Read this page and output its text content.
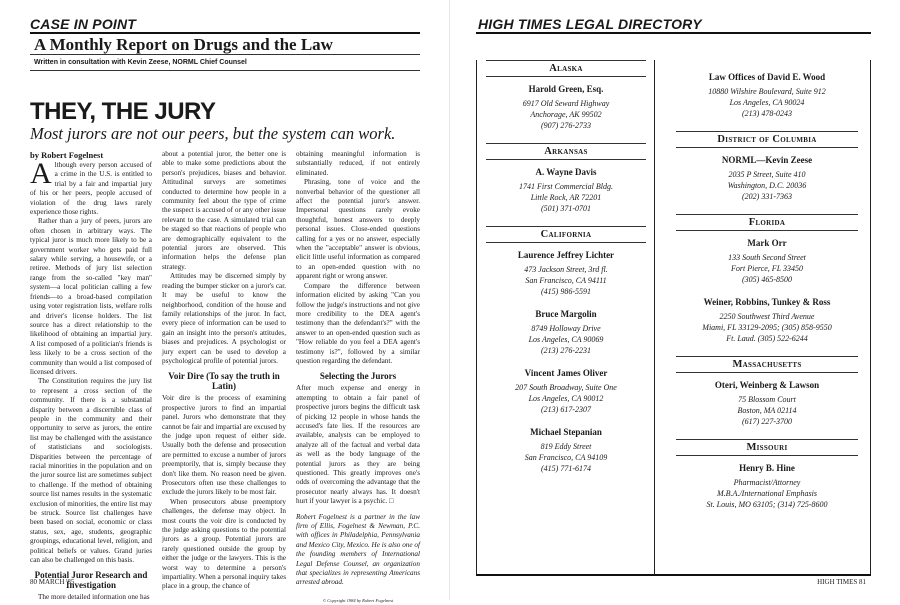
CASE IN POINT
A Monthly Report on Drugs and the Law
Written in consultation with Kevin Zeese, NORML Chief Counsel
THEY, THE JURY
Most jurors are not our peers, but the system can work.
by Robert Fogelnest

Although every person accused of a crime in the U.S. is entitled to trial by a fair and impartial jury of his or her peers, people accused of violation of the drug laws rarely experience those rights.

Rather than a jury of peers, jurors are often chosen in arbitrary ways. The typical juror is much more likely to be a government worker who gets paid full salary while serving, a housewife, or a retiree. Methods of jury list selection range from the so-called "key man" system—a local politician calling a few friends—to a broad-based compilation using voter registration lists, welfare rolls and driver's license holders. The list source has a direct relationship to the likelihood of obtaining an impartial jury. A list composed of a politician's friends is less likely to be a cross section of the community than would a list composed of licensed drivers.

The Constitution requires the jury list to represent a cross section of the community. If there is a substantial disparity between a discernible class of people in the community and their opportunity to serve as jurors, the entire list may be challenged with the assistance of statisticians and sociologists. Disparities between the percentage of racial minorities in the population and on the juror source list are sometimes subject to challenge. If the method of obtaining source list names results in the systematic exclusion of minorities, the entire list may be struck. Source list challenges have been based on social, economic or class status, sex, age, students, geographic groupings, educational level, religion, and political beliefs or values. Grand juries can also be challenged on this basis.

Potential Juror Research and Investigation

The more detailed information one has

about a potential juror, the better one is able to make some predictions about the person's prejudices, biases and behavior. Attitudinal surveys are sometimes conducted to determine how people in a community feel about the type of crime the suspect is accused of or any other issue relevant to the case. A simulated trial can be staged so that reactions of people who are demographically equivalent to the potential jurors are observed. This information helps the defense plan strategy.

Attitudes may be discerned simply by reading the bumper sticker on a juror's car. It may be useful to know the neighborhood, condition of the house and family relationships of the juror. In fact, every piece of information can be used to gain an insight into the person's attitudes, biases and prejudices. A psychologist or jury expert can be used to develop a psychological profile of potential jurors.

Voir Dire (To say the truth in Latin)

Voir dire is the process of examining prospective jurors to find an impartial panel. Jurors who demonstrate that they cannot be fair and impartial are excused by the judge upon request of either side. Usually both the defense and prosecution are permitted to excuse a number of jurors preemptorily, that is, simply because they don't like them. No reason need be given. Prosecutors often use these challenges to exclude the jurors likely to be most fair.

When prosecutors abuse preemptory challenges, the defense may object. In most courts the voir dire is conducted by the judge asking questions to the potential jurors as a group. Potential jurors are rarely questioned outside the group by either the judge or the lawyers. This is the worst way to determine a person's impartiality. When a personal inquiry takes place in a group, the chance of

obtaining meaningful information is substantially reduced, if not entirely eliminated.

Phrasing, tone of voice and the nonverbal behavior of the questioner all affect the potential juror's answer. Impersonal questions rarely evoke thoughtful, honest answers to deeply personal issues. Close-ended questions calling for a yes or no answer, especially when the "acceptable" answer is obvious, elicit little useful information as compared to an open-ended question with no apparent right or wrong answer.

Compare the difference between information elicited by asking "Can you follow the judge's instructions and not give more credibility to the DEA agent's testimony than the defendant's?" with the answer to an open-ended question such as "How reliable do you feel a DEA agent's testimony is?", followed by a similar question regarding the defendant.

Selecting the Jurors

After much expense and energy in attempting to obtain a fair panel of prospective jurors begins the difficult task of picking 12 people in whose hands the accused's fate lies. If the resources are available, analysts can be employed to analyze all of the factual and verbal data as well as the body language of the potential jurors as they are being questioned. This greatly improves one's odds of overcoming the advantage that the prosecutor nearly always has. It doesn't hurt if your lawyer is a psychic. □

Robert Fogelnest is a partner in the law firm of Ellis, Fogelnest & Newman, P.C. with offices in Philadelphia, Pennsylvania and Mexico City, Mexico. He is also one of the founding members of International Legal Defense Counsel, an organization that specializes in representing Americans arrested abroad.

© Copyright 1984 by Robert Fogelnest
80 MARCH '85
HIGH TIMES LEGAL DIRECTORY
Alaska
Harold Green, Esq.
6917 Old Seward Highway
Anchorage, AK 99502
(907) 276-2733
Arkansas
A. Wayne Davis
1741 First Commercial Bldg.
Little Rock, AR 72201
(501) 371-0701
California
Laurence Jeffrey Lichter
473 Jackson Street, 3rd fl.
San Francisco, CA 94111
(415) 986-5591
Bruce Margolin
8749 Holloway Drive
Los Angeles, CA 90069
(213) 276-2231
Vincent James Oliver
207 South Broadway, Suite One
Los Angeles, CA 90012
(213) 617-2307
Michael Stepanian
819 Eddy Street
San Francisco, CA 94109
(415) 771-6174
Law Offices of David E. Wood
10880 Wilshire Boulevard, Suite 912
Los Angeles, CA 90024
(213) 478-0243
District of Columbia
NORML—Kevin Zeese
2035 P Street, Suite 410
Washington, D.C. 20036
(202) 331-7363
Florida
Mark Orr
133 South Second Street
Fort Pierce, FL 33450
(305) 465-8500
Weiner, Robbins, Tunkey & Ross
2250 Southwest Third Avenue
Miami, FL 33129-2095; (305) 858-9550
Ft. Laud. (305) 522-6244
Massachusetts
Oteri, Weinberg & Lawson
75 Blossom Court
Boston, MA 02114
(617) 227-3700
Missouri
Henry B. Hine
Pharmacist/Attorney
M.B.A./International Emphasis
St. Louis, MO 63105; (314) 725-8600
HIGH TIMES 81
